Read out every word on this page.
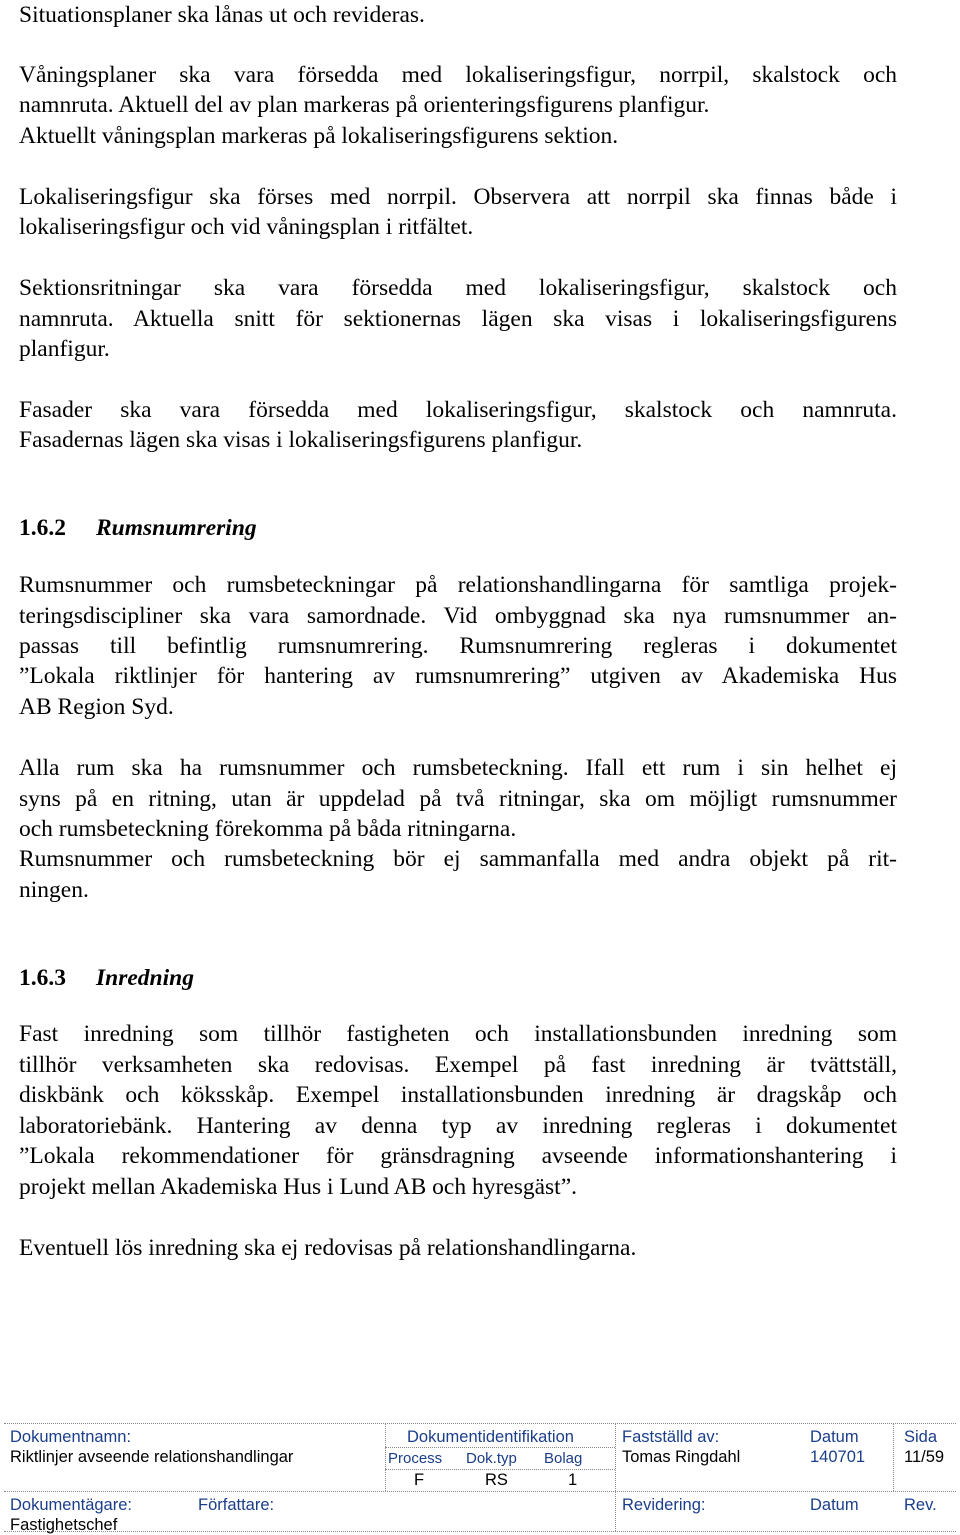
Situationsplaner ska lånas ut och revideras.
Våningsplaner ska vara försedda med lokaliseringsfigur, norrpil, skalstock och
namnruta. Aktuell del av plan markeras på orienteringsfigurens planfigur.
Aktuellt våningsplan markeras på lokaliseringsfigurens sektion.
Lokaliseringsfigur ska förses med norrpil. Observera att norrpil ska finnas både i
lokaliseringsfigur och vid våningsplan i ritfältet.
Sektionsritningar ska vara försedda med lokaliseringsfigur, skalstock och
namnruta. Aktuella snitt för sektionernas lägen ska visas i lokaliseringsfigurens
planfigur.
Fasader ska vara försedda med lokaliseringsfigur, skalstock och namnruta.
Fasadernas lägen ska visas i lokaliseringsfigurens planfigur.
1.6.2 Rumsnumrering
Rumsnummer och rumsbeteckningar på relationshandlingarna för samtliga projek-
teringsdiscipliner ska vara samordnade. Vid ombyggnad ska nya rumsnummer an-
passas till befintlig rumsnumrering. Rumsnumrering regleras i dokumentet
”Lokala riktlinjer för hantering av rumsnumrering” utgiven av Akademiska Hus
AB Region Syd.
Alla rum ska ha rumsnummer och rumsbeteckning. Ifall ett rum i sin helhet ej
syns på en ritning, utan är uppdelad på två ritningar, ska om möjligt rumsnummer
och rumsbeteckning förekomma på båda ritningarna.
Rumsnummer och rumsbeteckning bör ej sammanfalla med andra objekt på rit-
ningen.
1.6.3 Inredning
Fast inredning som tillhör fastigheten och installationsbunden inredning som
tillhör verksamheten ska redovisas. Exempel på fast inredning är tvättställ,
diskbänk och köksskåp. Exempel installationsbunden inredning är dragskåp och
laboratoriebänk. Hantering av denna typ av inredning regleras i dokumentet
”Lokala rekommendationer för gränsdragning avseende informationshantering i
projekt mellan Akademiska Hus i Lund AB och hyresgäst”.
Eventuell lös inredning ska ej redovisas på relationshandlingarna.
Dokumentnamn:
Riktlinjer avseende relationshandlingar
Dokumentidentifikation
Process Dok.typ Bolag
F	RS	1
Fastställd av:
Tomas Ringdahl
Datum
140701
Sida
11/59
Dokumentägare:
Fastighetschef
Författare:	Revidering:	Datum	Rev.
